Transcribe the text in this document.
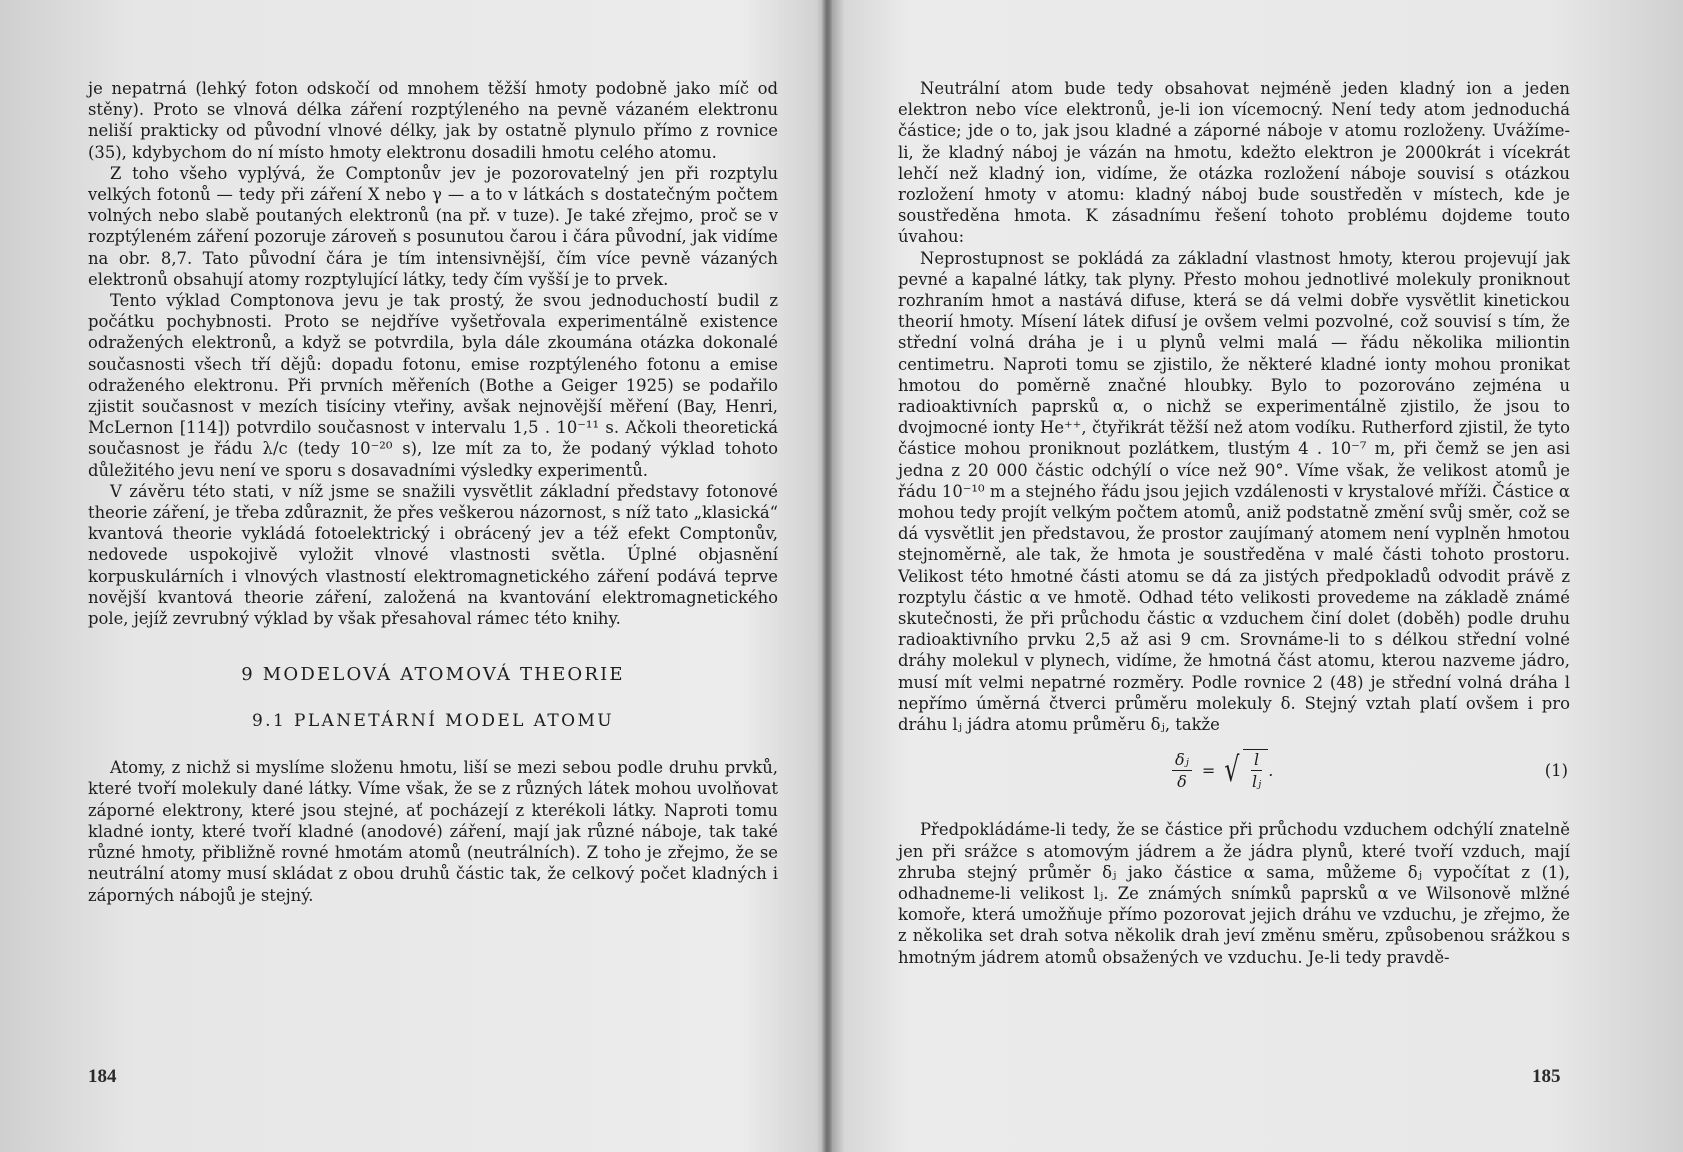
je nepatrná (lehký foton odskočí od mnohem těžší hmoty podobně jako míč od stěny). Proto se vlnová délka záření rozptýleného na pevně vázaném elektronu neliší prakticky od původní vlnové délky, jak by ostatně plynulo přímo z rovnice (35), kdybychom do ní místo hmoty elektronu dosadili hmotu celého atomu.

Z toho všeho vyplývá, že Comptonův jev je pozorovatelný jen při rozptylu velkých fotonů — tedy při záření X nebo γ — a to v látkách s dostatečným počtem volných nebo slabě poutaných elektronů (na př. v tuze). Je také zřejmo, proč se v rozptýleném záření pozoruje zároveň s posunutou čarou i čára původní, jak vidíme na obr. 8,7. Tato původní čára je tím intensivnější, čím více pevně vázaných elektronů obsahují atomy rozptylující látky, tedy čím vyšší je to prvek.

Tento výklad Comptonova jevu je tak prostý, že svou jednoduchostí budil z počátku pochybnosti. Proto se nejdříve vyšetřovala experimentálně existence odražených elektronů, a když se potvrdila, byla dále zkoumána otázka dokonalé současnosti všech tří dějů: dopadu fotonu, emise rozptýleného fotonu a emise odraženého elektronu. Při prvních měřeních (Bothe a Geiger 1925) se podařilo zjistit současnost v mezích tisíciny vteřiny, avšak nejnovější měření (Bay, Henri, McLernon [114]) potvrdilo současnost v intervalu 1,5 . 10⁻¹¹ s. Ačkoli theoretická současnost je řádu λ/c (tedy 10⁻²⁰ s), lze mít za to, že podaný výklad tohoto důležitého jevu není ve sporu s dosavadními výsledky experimentů.

V závěru této stati, v níž jsme se snažili vysvětlit základní představy fotonové theorie záření, je třeba zdůraznit, že přes veškerou názornost, s níž tato „klasická“ kvantová theorie vykládá fotoelektrický i obrácený jev a též efekt Comptonův, nedovede uspokojivě vyložit vlnové vlastnosti světla. Úplné objasnění korpuskulárních i vlnových vlastností elektromagnetického záření podává teprve novější kvantová theorie záření, založená na kvantování elektromagnetického pole, jejíž zevrubný výklad by však přesahoval rámec této knihy.

9 MODELOVÁ ATOMOVÁ THEORIE
9.1 PLANETÁRNÍ MODEL ATOMU

Atomy, z nichž si myslíme složenu hmotu, liší se mezi sebou podle druhu prvků, které tvoří molekuly dané látky. Víme však, že se z různých látek mohou uvolňovat záporné elektrony, které jsou stejné, ať pocházejí z kterékoli látky. Naproti tomu kladné ionty, které tvoří kladné (anodové) záření, mají jak různé náboje, tak také různé hmoty, přibližně rovné hmotám atomů (neutrálních). Z toho je zřejmo, že se neutrální atomy musí skládat z obou druhů částic tak, že celkový počet kladných i záporných nábojů je stejný.

184

Neutrální atom bude tedy obsahovat nejméně jeden kladný ion a jeden elektron nebo více elektronů, je-li ion vícemocný. Není tedy atom jednoduchá částice; jde o to, jak jsou kladné a záporné náboje v atomu rozloženy. Uvážíme-li, že kladný náboj je vázán na hmotu, kdežto elektron je 2000krát i vícekrát lehčí než kladný ion, vidíme, že otázka rozložení náboje souvisí s otázkou rozložení hmoty v atomu: kladný náboj bude soustředěn v místech, kde je soustředěna hmota. K zásadnímu řešení tohoto problému dojdeme touto úvahou:

Neprostupnost se pokládá za základní vlastnost hmoty, kterou projevují jak pevné a kapalné látky, tak plyny. Přesto mohou jednotlivé molekuly proniknout rozhraním hmot a nastává difuse, která se dá velmi dobře vysvětlit kinetickou theorií hmoty. Mísení látek difusí je ovšem velmi pozvolné, což souvisí s tím, že střední volná dráha je i u plynů velmi malá — řádu několika miliontin centimetru. Naproti tomu se zjistilo, že některé kladné ionty mohou pronikat hmotou do poměrně značné hloubky. Bylo to pozorováno zejména u radioaktivních paprsků α, o nichž se experimentálně zjistilo, že jsou to dvojmocné ionty He⁺⁺, čtyřikrát těžší než atom vodíku. Rutherford zjistil, že tyto částice mohou proniknout pozlátkem, tlustým 4 . 10⁻⁷ m, při čemž se jen asi jedna z 20 000 částic odchýlí o více než 90°. Víme však, že velikost atomů je řádu 10⁻¹⁰ m a stejného řádu jsou jejich vzdálenosti v krystalové mříži. Částice α mohou tedy projít velkým počtem atomů, aniž podstatně změní svůj směr, což se dá vysvětlit jen představou, že prostor zaujímaný atomem není vyplněn hmotou stejnoměrně, ale tak, že hmota je soustředěna v malé části tohoto prostoru. Velikost této hmotné části atomu se dá za jistých předpokladů odvodit právě z rozptylu částic α ve hmotě. Odhad této velikosti provedeme na základě známé skutečnosti, že při průchodu částic α vzduchem činí dolet (doběh) podle druhu radioaktivního prvku 2,5 až asi 9 cm. Srovnáme-li to s délkou střední volné dráhy molekul v plynech, vidíme, že hmotná část atomu, kterou nazveme jádro, musí mít velmi nepatrné rozměry. Podle rovnice 2 (48) je střední volná dráha l nepřímo úměrná čtverci průměru molekuly δ. Stejný vztah platí ovšem i pro dráhu lⱼ jádra atomu průměru δⱼ, takže

$\frac{\text{δⱼ}}{\delta}$ = √ $\frac{l}{\text{lⱼ}}$ .	(1)

Předpokládáme-li tedy, že se částice při průchodu vzduchem odchýlí znatelně jen při srážce s atomovým jádrem a že jádra plynů, které tvoří vzduch, mají zhruba stejný průměr δⱼ jako částice α sama, můžeme δⱼ vypočítat z (1), odhadneme-li velikost lⱼ. Ze známých snímků paprsků α ve Wilsonově mlžné komoře, která umožňuje přímo pozorovat jejich dráhu ve vzduchu, je zřejmo, že z několika set drah sotva několik drah jeví změnu směru, způsobenou srážkou s hmotným jádrem atomů obsažených ve vzduchu. Je-li tedy pravdě-

185
